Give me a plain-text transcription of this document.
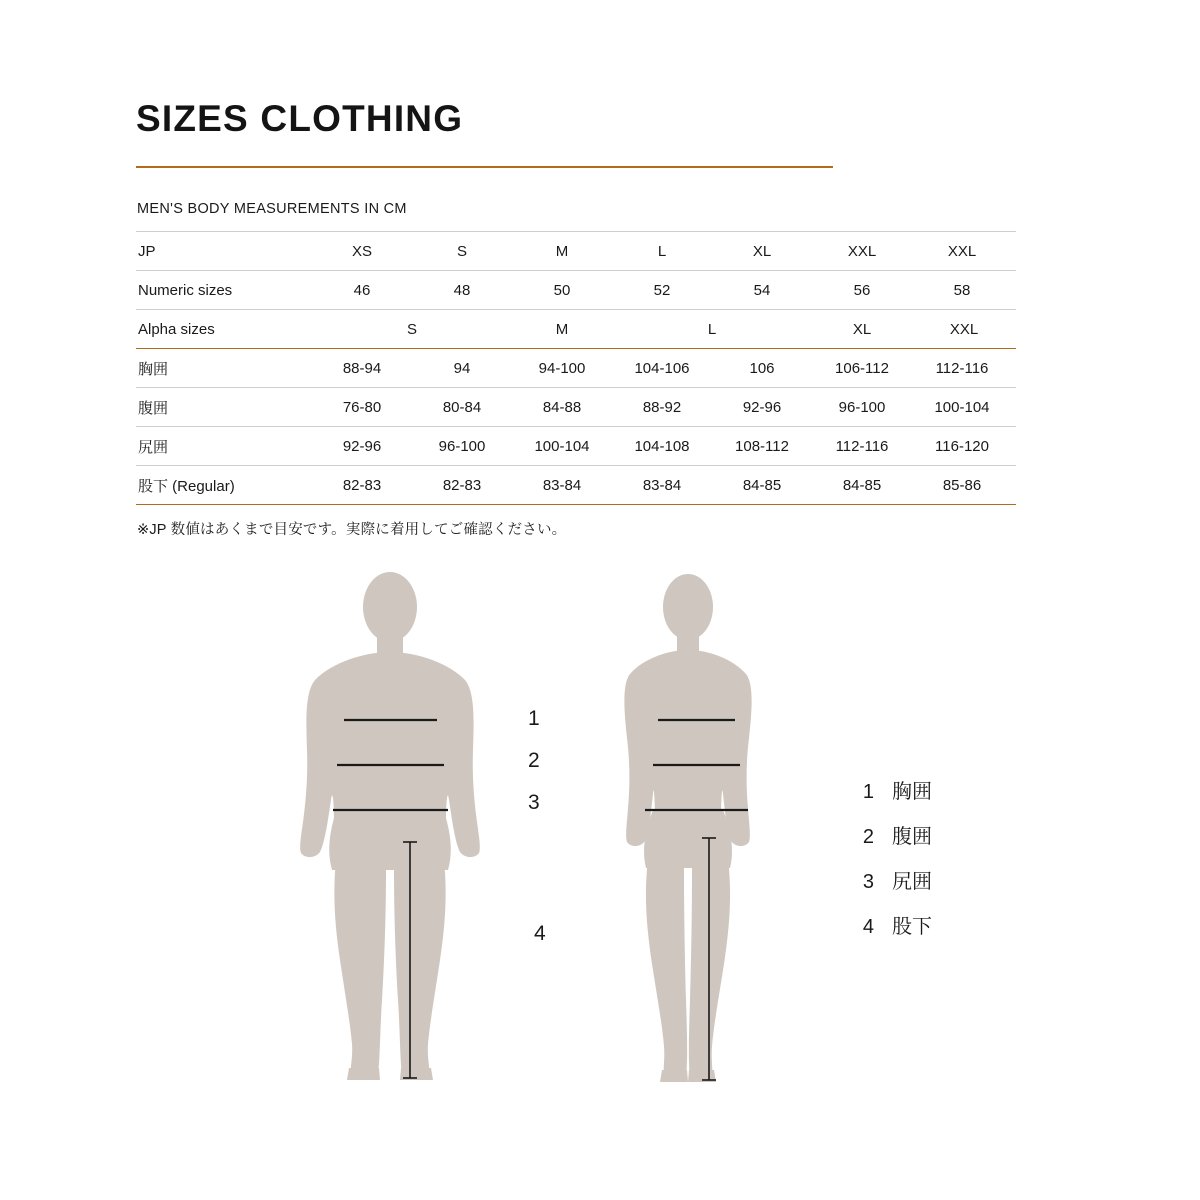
SIZES CLOTHING
MEN'S BODY MEASUREMENTS IN CM
JP	XS	S	M	L	XL	XXL	XXL	
Numeric sizes	46	48	50	52	54	56	58	
Alpha sizes	S		M	L		XL	XXL	
胸囲	88-94	94	94-100	104-106	106	106-112	112-116	
腹囲	76-80	80-84	84-88	88-92	92-96	96-100	100-104	
尻囲	92-96	96-100	100-104	104-108	108-112	112-116	116-120	
股下 (Regular)	82-83	82-83	83-84	83-84	84-85	84-85	85-86	
※JP 数値はあくまで目安です。実際に着用してご確認ください。
1
2
3
4
1 胸囲
2 腹囲
3 尻囲
4 股下
